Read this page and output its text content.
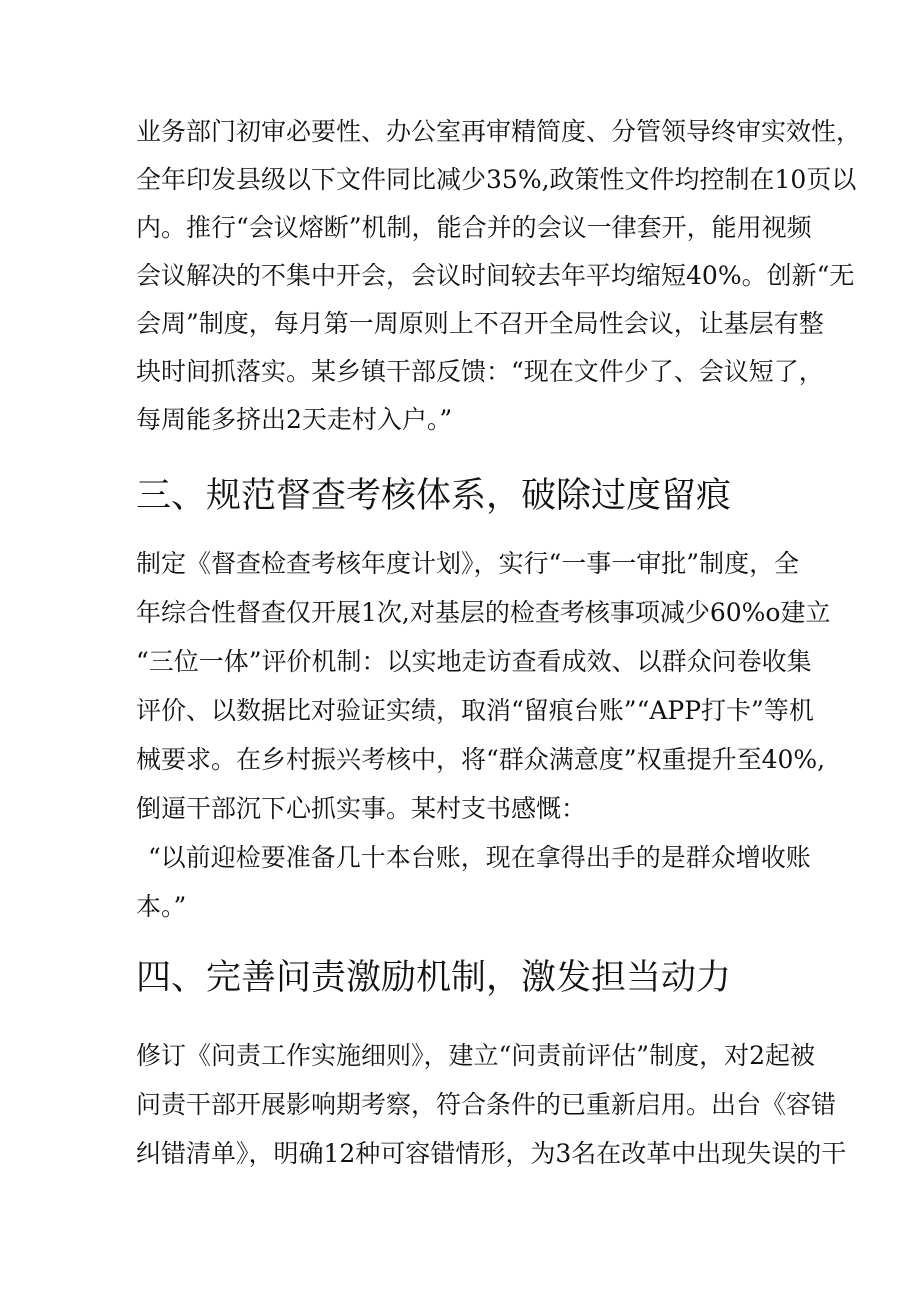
业务部门初审必要性、办公室再审精简度、分管领导终审实效性，
全年印发县级以下文件同比减少35%,政策性文件均控制在10页以
内。推行“会议熔断”机制，能合并的会议一律套开，能用视频
会议解决的不集中开会，会议时间较去年平均缩短40%。创新“无
会周”制度，每月第一周原则上不召开全局性会议，让基层有整
块时间抓落实。某乡镇干部反馈：“现在文件少了、会议短了，
每周能多挤出2天走村入户。”
三、规范督查考核体系，破除过度留痕
制定《督查检查考核年度计划》，实行“一事一审批”制度，全
年综合性督查仅开展1次,对基层的检查考核事项减少60%o建立
“三位一体”评价机制：以实地走访查看成效、以群众问卷收集
评价、以数据比对验证实绩，取消“留痕台账”“APP打卡”等机
械要求。在乡村振兴考核中，将“群众满意度”权重提升至40%,
倒逼干部沉下心抓实事。某村支书感慨：
“以前迎检要准备几十本台账，现在拿得出手的是群众增收账
本。”
四、完善问责激励机制，激发担当动力
修订《问责工作实施细则》，建立“问责前评估”制度，对2起被
问责干部开展影响期考察，符合条件的已重新启用。出台《容错
纠错清单》，明确12种可容错情形，为3名在改革中出现失误的干
